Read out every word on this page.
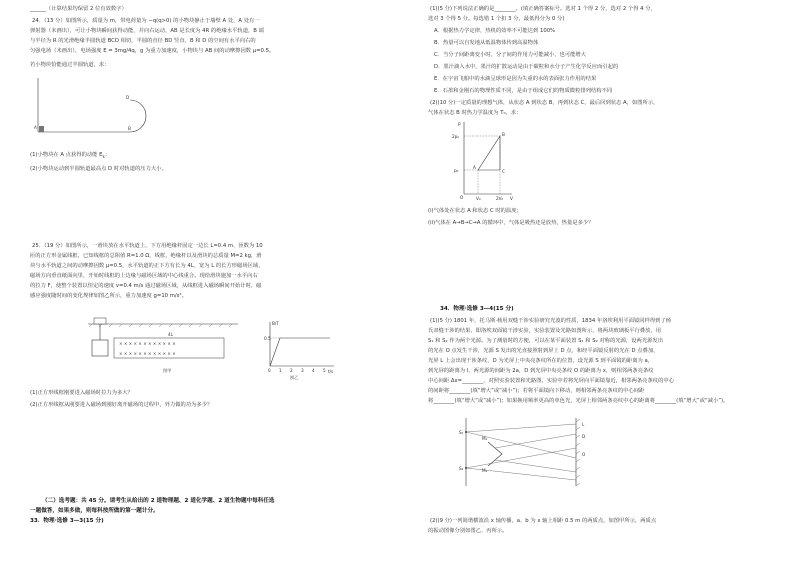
______（计算结果均保留 2 位有效数字）
24．（13 分）如图所示，质量为 m，带电荷量为 −q(q>0) 的小物块静止于墙壁 A 处，A 处有一
弹射器（未画出），可让小物块瞬间获得动能，并向右运动，AB 是长度为 4R 的绝缘水平轨道，B 端
与半径为 R 的光滑绝缘半圆轨道 BCD 相切，半圆的直径 BD 竖直，B 和 D 的空间有水平向右的
匀强电场（未画出），电场强度 E = 3mg/4q，g 为重力加速度，小物块与 AB 间的动摩擦因数 μ=0.5。
若小物块恰能通过半圆轨道，求：
A	B
D
(1)小物块在 A 点获得的动能 $E_k$；
(2)小物块运动到半圆轨道最高点 D 时对轨道的压力大小。
25．（19 分）如图所示，一滑块放在水平轨道上，下方用绝缘杆固定一边长 L=0.4 m、匝数为 10
匝的正方形金属线框，已知线框的总阻值 R=1.0 Ω，线框、绝缘杆以及滑块的总质量 M=2 kg，滑
块与水平轨道之间的动摩擦因数 μ=0.5，水平轨道的正下方有长为 4L、宽为 L 的长方形磁场区域，
磁场方向垂直纸面向里，开始时线框的上边缘与磁场区域的中心线重合。现给滑块施加一水平向右
的拉力 F，使整个装置以恒定的速度 v=0.4 m/s 通过磁场区域，从线框进入磁场瞬间开始计时，磁
感应强度随时间的变化规律如图乙所示，重力加速度 g=10 m/s²。
× × × × × × × × × × × ×
× × × × × × × × × × × ×
4L
图甲
B/T
0.5
t/s
0 1 2 3 4 5
图乙
(1)正方形线框刚要进入磁场时拉力为多大？
(2)正方形线框从刚要进入磁场到刚好离开磁场的过程中，外力做的功为多少？
（二）选考题：共 45 分。请考生从给出的 2 道物理题、2 道化学题、2 道生物题中每科任选
一题做答，如果多做，则每科按所做的第一题计分。
33．物理·选修 3—3(15 分)
(1)(5 分)下列说法正确的是________。(填正确答案标号。选对 1 个得 2 分，选对 2 个得 4 分，
选对 3 个得 5 分。每选错 1 个扣 3 分，最低得分为 0 分)
A．根据热力学定律，热机的效率不可能达到 100%
B．热量可以自发地从低温物体传到高温物体
C．当分子间距离变小时，分子间的作用力可能减小，也可能增大
D．墨汁滴入水中，墨汁的扩散运动是由于碳粒和水分子产生化学反应而引起的
E．在宇宙飞船中的水滴呈球形是因为失重的水的表面张力作用的结果
E．石墨和金刚石的物理性质不同，是由于组成它们的物质微粒排列结构不同
(2)(10 分)一定质量的理想气体，从状态 A 到状态 B，再到状态 C，最后回到状态 A，如图所示，
气体在状态 B 时热力学温度为 T₀，求：
p
V
O
2p₀
p₀
V₀	2V₀
A
B
C
(i)气体处在状态 A 和状态 C 时的温度；
(ii)气体在 A→B→C→A 的循环中，气体是吸热还是放热，热量是多少？
34．物理·选修 3—4(15 分)
(1)(5 分) 1801 年，托马斯·杨用双缝干涉实验研究光波的性质，1834 年洛埃利用平面镜同样得到了杨
氏双缝干涉的结果，即洛埃双面镜干涉实验，实验装置及光路如图所示，将两块玻璃板平行叠放，用
S₁ 和 S₂ 作为两个光源。为了测量时的方便，可以在某平面装置 S₁ 和 S₂ 对称的光源，设两光源发出
的光在 O 点发生干涉，光源 S 发出的光直接照射到屏上 D 点，和经平面镜反射的光在 D 点叠加，
光屏 L 上会出现干涉条纹，D 为光屏上中央亮条纹所在的位置，设光源 S 到平面镜的距离为 a，
到光屏的距离为 l，两光源的间距为 2a，D 到光屏中央亮条纹 O 的距离为 x，则相邻两条亮条纹
中心间距 Δx=________，对照实验装置和光路图，实验中若将光屏向平面镜靠近，相邻两条亮条纹的中心
的间距将________(填“增大”或“减小”)；若将平面镜向下移动，则相邻两条亮条纹的中心间距
将________(填“增大”或“减小”)；如果换用频率更高的单色光，光屏上相邻两条亮纹中心的距离将________(填“增大”或“减小”)。
S₁
S₂
M₁
M₂
L
O
D
(2)(9 分)一列简谐横波沿 x 轴传播，a、b 为 x 轴上相距 0.5 m 的两质点，如图甲所示，两质点
的振动图像分别如图乙、丙所示。
